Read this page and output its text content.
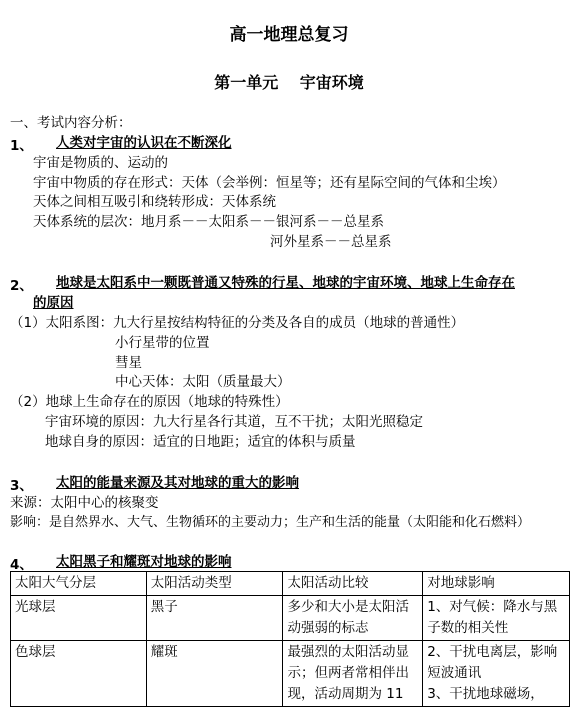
高一地理总复习
第一单元　 宇宙环境
一、考试内容分析：
1、 人类对宇宙的认识在不断深化
宇宙是物质的、运动的
宇宙中物质的存在形式：天体（会举例：恒星等；还有星际空间的气体和尘埃）
天体之间相互吸引和绕转形成：天体系统
天体系统的层次：地月系－－太阳系－－银河系－－总星系
河外星系－－总星系
2、 地球是太阳系中一颗既普通又特殊的行星、地球的宇宙环境、地球上生命存在
的原因
（1）太阳系图：九大行星按结构特征的分类及各自的成员（地球的普通性）
小行星带的位置
彗星
中心天体：太阳（质量最大）
（2）地球上生命存在的原因（地球的特殊性）
宇宙环境的原因：九大行星各行其道，互不干扰；太阳光照稳定
地球自身的原因：适宜的日地距；适宜的体积与质量
3、 太阳的能量来源及其对地球的重大的影响
来源：太阳中心的核聚变
影响：是自然界水、大气、生物循环的主要动力；生产和生活的能量（太阳能和化石燃料）
4、 太阳黑子和耀斑对地球的影响
太阳大气分层	太阳活动类型	太阳活动比较	对地球影响
光球层	黑子	多少和大小是太阳活动强弱的标志	1、对气候：降水与黑子数的相关性
色球层	耀斑	最强烈的太阳活动显示；但两者常相伴出现，活动周期为 11	2、干扰电离层，影响短波通讯
3、干扰地球磁场，
